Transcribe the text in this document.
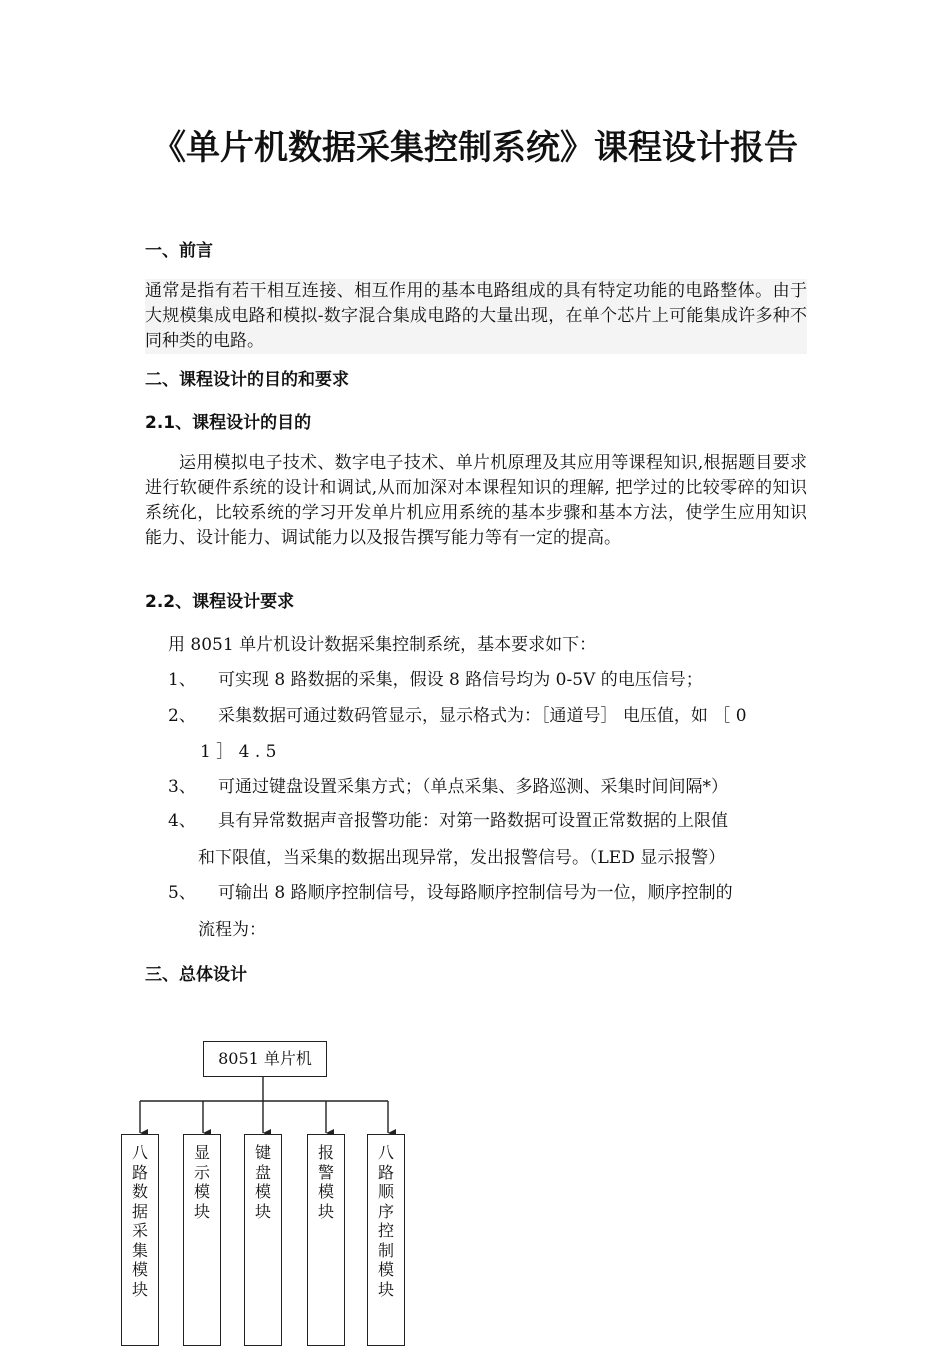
《单片机数据采集控制系统》课程设计报告
一、前言
通常是指有若干相互连接、相互作用的基本电路组成的具有特定功能的电路整体。由于大规模集成电路和模拟-数字混合集成电路的大量出现，在单个芯片上可能集成许多种不同种类的电路。
二、课程设计的目的和要求
2.1、课程设计的目的
运用模拟电子技术、数字电子技术、单片机原理及其应用等课程知识,根据题目要求进行软硬件系统的设计和调试,从而加深对本课程知识的理解, 把学过的比较零碎的知识系统化，比较系统的学习开发单片机应用系统的基本步骤和基本方法，使学生应用知识能力、设计能力、调试能力以及报告撰写能力等有一定的提高。
2.2、课程设计要求
用 8051 单片机设计数据采集控制系统，基本要求如下：
1、 可实现 8 路数据的采集，假设 8 路信号均为 0-5V 的电压信号；
2、 采集数据可通过数码管显示，显示格式为：［通道号］ 电压值，如 ［ 0
1 ］ 4 . 5
3、 可通过键盘设置采集方式；（单点采集、多路巡测、采集时间间隔*）
4、 具有异常数据声音报警功能：对第一路数据可设置正常数据的上限值
和下限值，当采集的数据出现异常，发出报警信号。（LED 显示报警）
5、 可输出 8 路顺序控制信号，设每路顺序控制信号为一位，顺序控制的
流程为：
三、总体设计
8051 单片机
八
路
数
据
采
集
模
块
显
示
模
块
键
盘
模
块
报
警
模
块
八
路
顺
序
控
制
模
块
